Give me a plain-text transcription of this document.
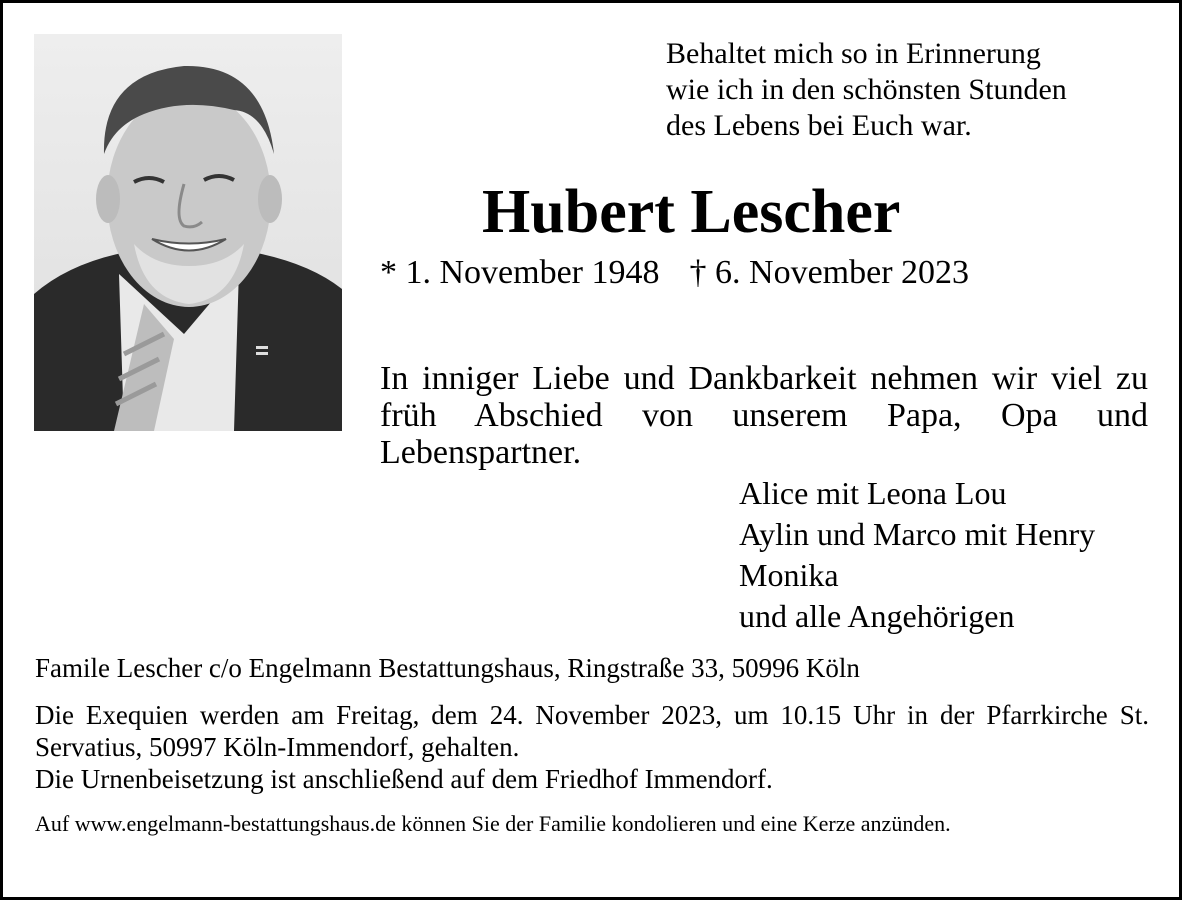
Behaltet mich so in Erinnerung
wie ich in den schönsten Stunden
des Lebens bei Euch war.
Hubert Lescher
* 1. November 1948 † 6. November 2023
In inniger Liebe und Dankbarkeit nehmen wir viel zu früh Abschied von unserem Papa, Opa und Lebenspartner.
Alice mit Leona Lou
Aylin und Marco mit Henry
Monika
und alle Angehörigen
Famile Lescher c/o Engelmann Bestattungshaus, Ringstraße 33, 50996 Köln

Die Exequien werden am Freitag, dem 24. November 2023, um 10.15 Uhr in der Pfarrkirche St. Servatius, 50997 Köln-Immendorf, gehalten.

Die Urnenbeisetzung ist anschließend auf dem Friedhof Immendorf.

Auf www.engelmann-bestattungshaus.de können Sie der Familie kondolieren und eine Kerze anzünden.
